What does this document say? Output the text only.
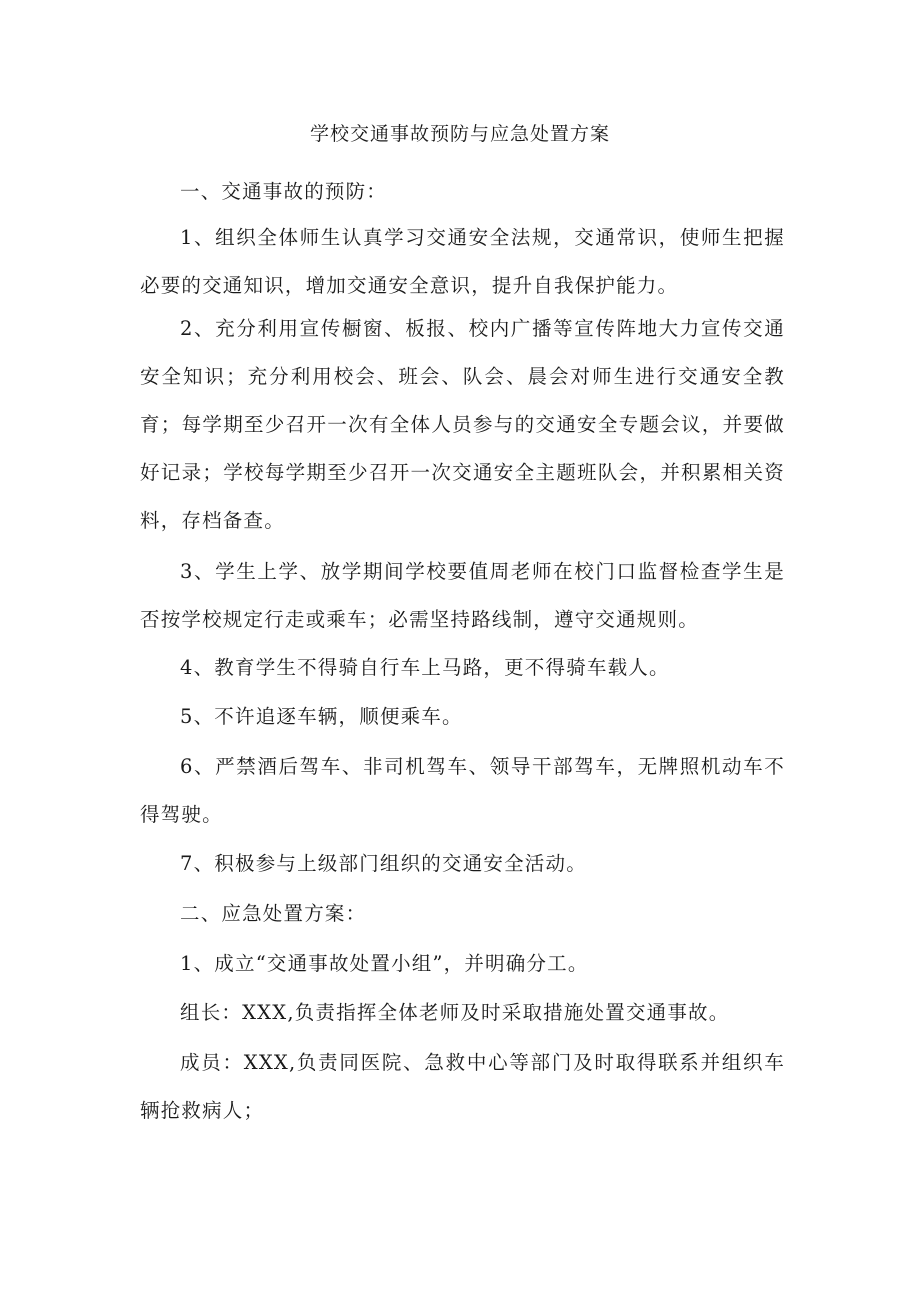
学校交通事故预防与应急处置方案

一、交通事故的预防：

1、组织全体师生认真学习交通安全法规，交通常识，使师生把握必要的交通知识，增加交通安全意识，提升自我保护能力。

2、充分利用宣传橱窗、板报、校内广播等宣传阵地大力宣传交通安全知识；充分利用校会、班会、队会、晨会对师生进行交通安全教育；每学期至少召开一次有全体人员参与的交通安全专题会议，并要做好记录；学校每学期至少召开一次交通安全主题班队会，并积累相关资料，存档备查。

3、学生上学、放学期间学校要值周老师在校门口监督检查学生是否按学校规定行走或乘车；必需坚持路线制，遵守交通规则。

4、教育学生不得骑自行车上马路，更不得骑车载人。

5、不许追逐车辆，顺便乘车。

6、严禁酒后驾车、非司机驾车、领导干部驾车，无牌照机动车不得驾驶。

7、积极参与上级部门组织的交通安全活动。

二、应急处置方案：

1、成立“交通事故处置小组”，并明确分工。

组长：XXX,负责指挥全体老师及时采取措施处置交通事故。

成员：XXX,负责同医院、急救中心等部门及时取得联系并组织车辆抢救病人；
